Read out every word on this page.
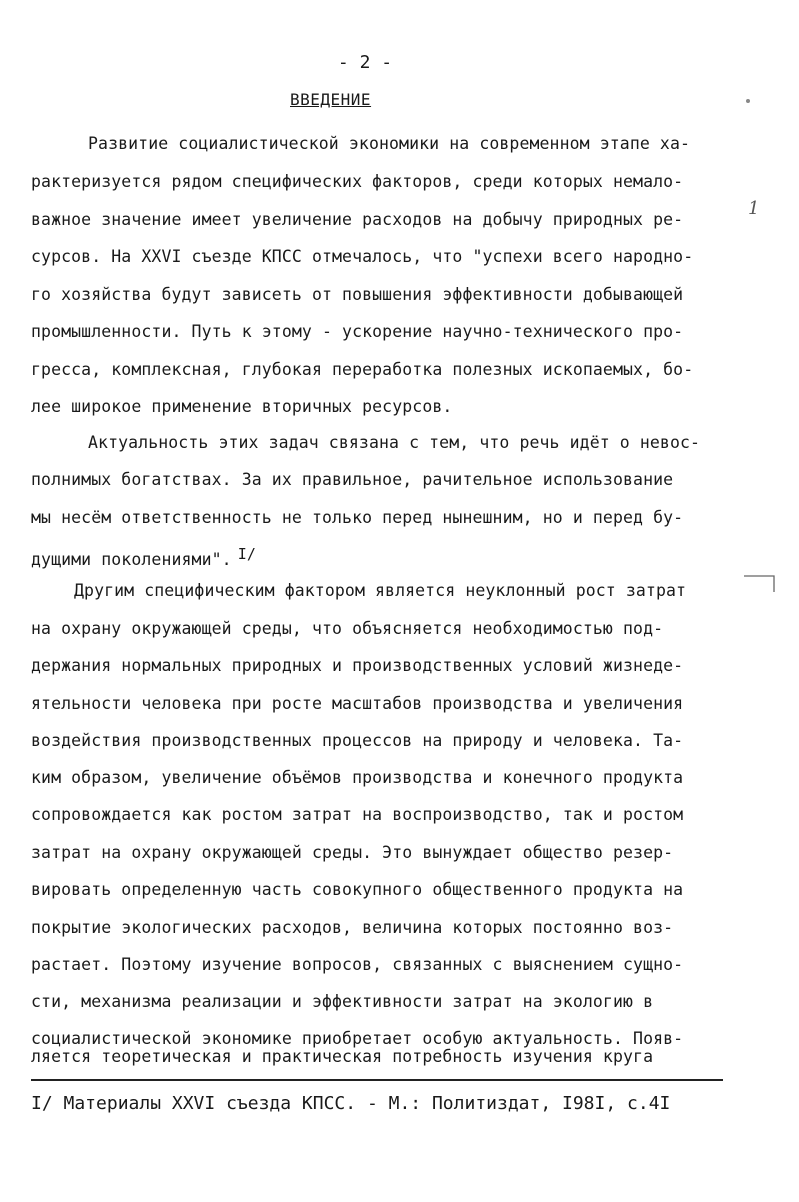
- 2 -
ВВЕДЕНИЕ
Развитие социалистической экономики на современном этапе ха-
рактеризуется рядом специфических факторов, среди которых немало-
важное значение имеет увеличение расходов на добычу природных ре-
сурсов. На XXVI съезде КПСС отмечалось, что "успехи всего народно-
го хозяйства будут зависеть от повышения эффективности добывающей
промышленности. Путь к этому - ускорение научно-технического про-
гресса, комплексная, глубокая переработка полезных ископаемых, бо-
лее широкое применение вторичных ресурсов.
Актуальность этих задач связана с тем, что речь идёт о невос-
полнимых богатствах. За их правильное, рачительное использование
мы несём ответственность не только перед нынешним, но и перед бу-
дущими поколениями". I/
Другим специфическим фактором является неуклонный рост затрат
на охрану окружающей среды, что объясняется необходимостью под-
держания нормальных природных и производственных условий жизнеде-
ятельности человека при росте масштабов производства и увеличения
воздействия производственных процессов на природу и человека. Та-
ким образом, увеличение объёмов производства и конечного продукта
сопровождается как ростом затрат на воспроизводство, так и ростом
затрат на охрану окружающей среды. Это вынуждает общество резер-
вировать определенную часть совокупного общественного продукта на
покрытие экологических расходов, величина которых постоянно воз-
растает. Поэтому изучение вопросов, связанных с выяснением сущно-
сти, механизма реализации и эффективности затрат на экологию в
социалистической экономике приобретает особую актуальность. Появ-
ляется теоретическая и практическая потребность изучения круга
I/ Материалы XXVI съезда КПСС. - М.: Политиздат, I98I, с.4I
1
